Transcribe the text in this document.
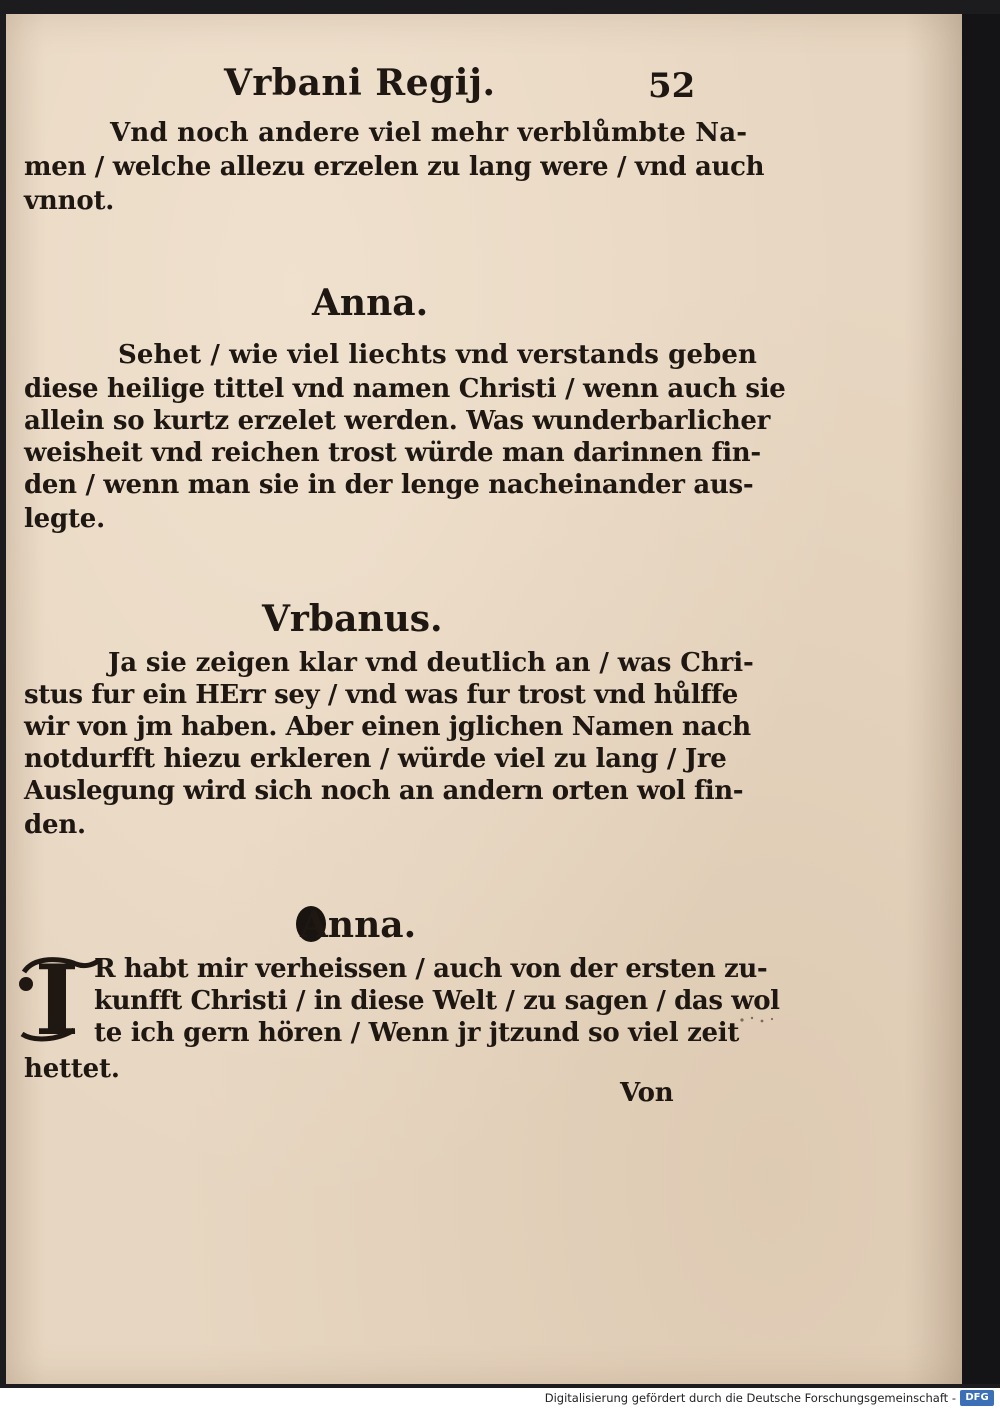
Vrbani Regij.	52
Vnd noch andere viel mehr verblůmbte Na-
men / welche allezu erzelen zu lang were / vnd auch
vnnot.
Anna.
Sehet / wie viel liechts vnd verstands geben
diese heilige tittel vnd namen Christi / wenn auch sie
allein so kurtz erzelet werden. Was wunderbarlicher
weisheit vnd reichen trost würde man darinnen fin-
den / wenn man sie in der lenge nacheinander aus-
legte.
Vrbanus.
Ja sie zeigen klar vnd deutlich an / was Chri-
stus fur ein HErr sey / vnd was fur trost vnd hůlffe
wir von jm haben. Aber einen jglichen Namen nach
notdurfft hiezu erkleren / würde viel zu lang / Jre
Auslegung wird sich noch an andern orten wol fin-
den.
Anna.
I R habt mir verheissen / auch von der ersten zu-
kunfft Christi / in diese Welt / zu sagen / das wol
te ich gern hören / Wenn jr jtzund so viel zeit
hettet.
Von
Digitalisierung gefördert durch die Deutsche Forschungsgemeinschaft - DFG
